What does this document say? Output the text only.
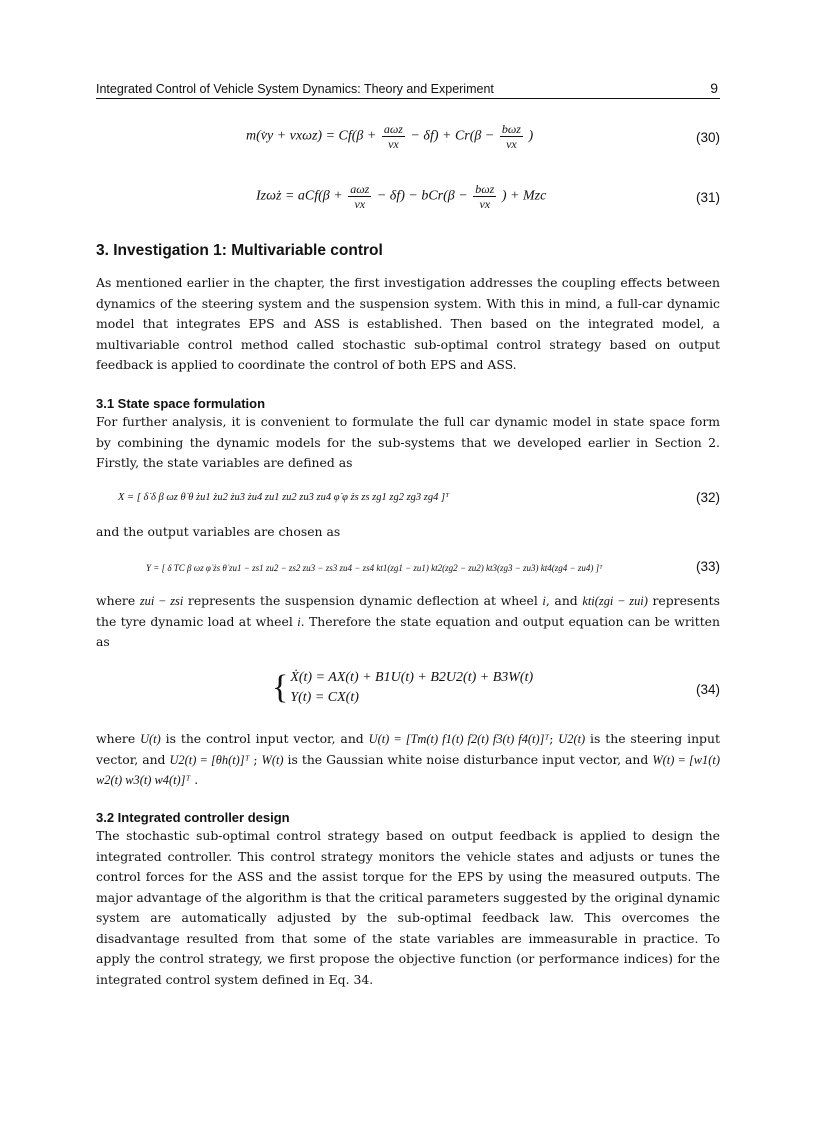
Integrated Control of Vehicle System Dynamics: Theory and Experiment	9
m(v̇y + $vx\omega z) = Cf(\beta + \frac{\text{aωz}}{vx} - \delta f) + Cr(\beta - \frac{\text{bωz}}{vx}$ )	(30)
Izω̇z = $aCf(\beta + \frac{\text{aωz}}{vx} - \delta f) - bCr(\beta - \frac{\text{bωz}}{vx}$ ) + Mzc	(31)
3. Investigation 1: Multivariable control

As mentioned earlier in the chapter, the first investigation addresses the coupling effects between dynamics of the steering system and the suspension system. With this in mind, a full-car dynamic model that integrates EPS and ASS is established. Then based on the integrated model, a multivariable control method called stochastic sub-optimal control strategy based on output feedback is applied to coordinate the control of both EPS and ASS.

3.1 State space formulation

For further analysis, it is convenient to formulate the full car dynamic model in state space form by combining the dynamic models for the sub-systems that we developed earlier in Section 2. Firstly, the state variables are defined as

X = [ δ̇ δ β ωz θ̇ θ żu1 żu2 żu3 żu4 zu1 zu2 zu3 zu4 φ̇ φ żs zs zg1 zg2 zg3 zg4 ]ᵀ	(32)

and the output variables are chosen as

Y = [ δ TC β ωz φ̇ żs θ̇ zu1 − zs1 zu2 − zs2 zu3 − zs3 zu4 − zs4 kt1(zg1 − zu1) kt2(zg2 − zu2) kt3(zg3 − zu3) kt4(zg4 − zu4) ]ᵀ	(33)

where zui − zsi represents the suspension dynamic deflection at wheel i, and kti(zgi − zui) represents the tyre dynamic load at wheel i. Therefore the state equation and output equation can be written as

{ Ẋ(t) = AX(t) + B1U(t) + B2U2(t) + B3W(t)
Y(t) = CX(t)
(34)

where U(t) is the control input vector, and U(t) = [Tm(t) f1(t) f2(t) f3(t) f4(t)]ᵀ; U2(t) is the steering input vector, and U2(t) = [θh(t)]ᵀ ; W(t) is the Gaussian white noise disturbance input vector, and W(t) = [w1(t) w2(t) w3(t) w4(t)]ᵀ .

3.2 Integrated controller design

The stochastic sub-optimal control strategy based on output feedback is applied to design the integrated controller. This control strategy monitors the vehicle states and adjusts or tunes the control forces for the ASS and the assist torque for the EPS by using the measured outputs. The major advantage of the algorithm is that the critical parameters suggested by the original dynamic system are automatically adjusted by the sub-optimal feedback law. This overcomes the disadvantage resulted from that some of the state variables are immeasurable in practice. To apply the control strategy, we first propose the objective function (or performance indices) for the integrated control system defined in Eq. 34.
